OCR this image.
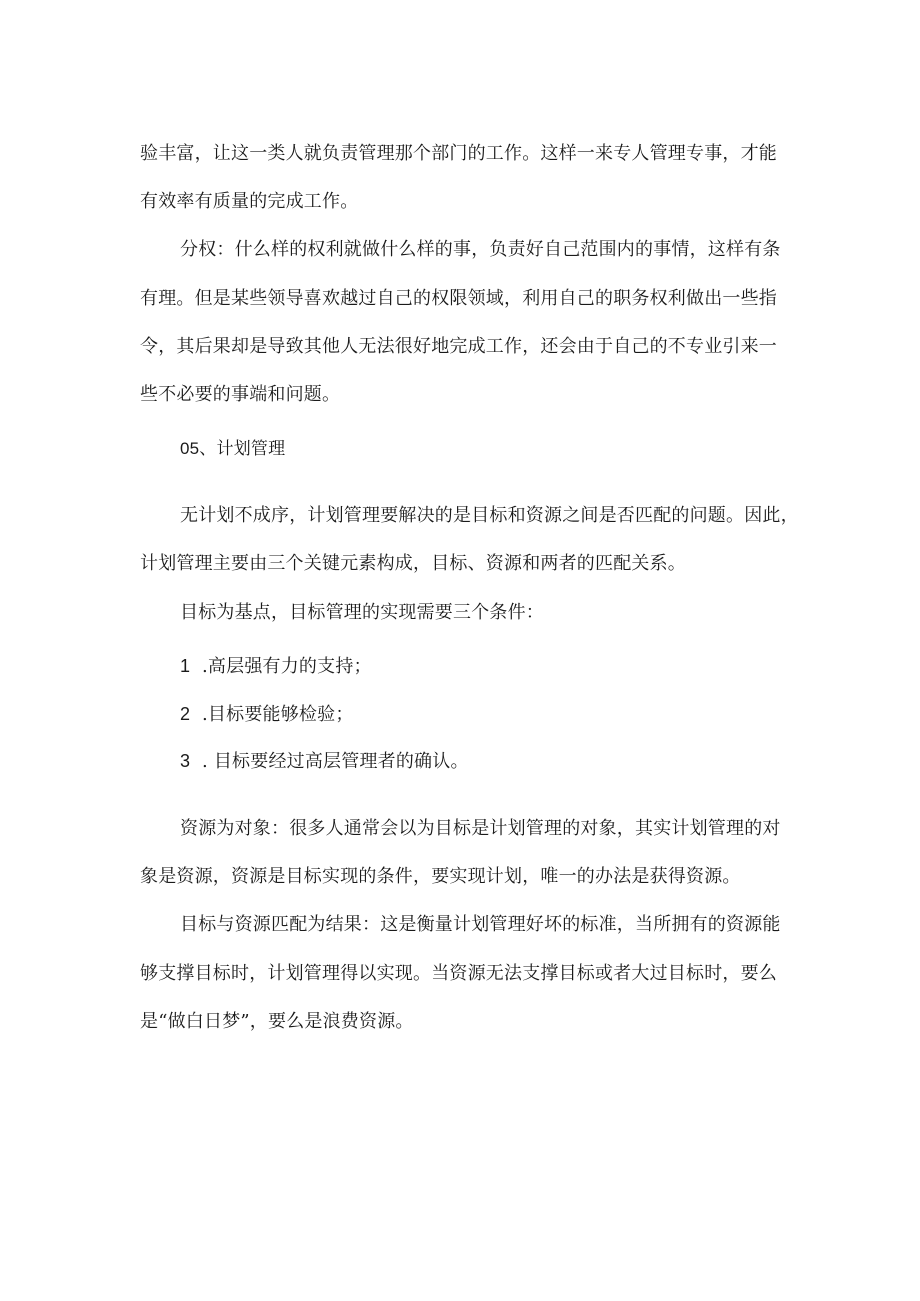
验丰富，让这一类人就负责管理那个部门的工作。这样一来专人管理专事，才能
有效率有质量的完成工作。
分权：什么样的权利就做什么样的事，负责好自己范围内的事情，这样有条
有理。但是某些领导喜欢越过自己的权限领域，利用自己的职务权利做出一些指
令，其后果却是导致其他人无法很好地完成工作，还会由于自己的不专业引来一
些不必要的事端和问题。
05、计划管理
无计划不成序，计划管理要解决的是目标和资源之间是否匹配的问题。因此，
计划管理主要由三个关键元素构成，目标、资源和两者的匹配关系。
目标为基点，目标管理的实现需要三个条件：
1 .高层强有力的支持；
2 .目标要能够检验；
3 . 目标要经过高层管理者的确认。
资源为对象：很多人通常会以为目标是计划管理的对象，其实计划管理的对
象是资源，资源是目标实现的条件，要实现计划，唯一的办法是获得资源。
目标与资源匹配为结果：这是衡量计划管理好坏的标准，当所拥有的资源能
够支撑目标时，计划管理得以实现。当资源无法支撑目标或者大过目标时，要么
是“做白日梦”，要么是浪费资源。
